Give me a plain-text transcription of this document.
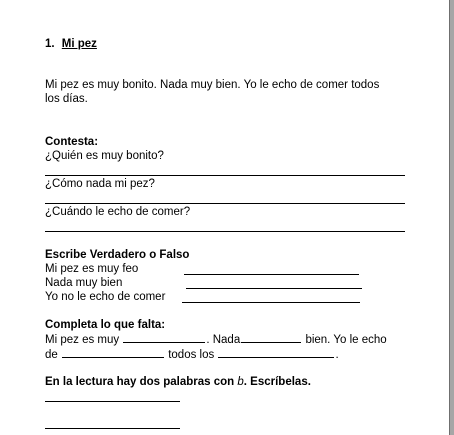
1. Mi pez
Mi pez es muy bonito. Nada muy bien. Yo le echo de comer todos
los días.
Contesta:
¿Quién es muy bonito?
¿Cómo nada mi pez?
¿Cuándo le echo de comer?
Escribe Verdadero o Falso
Mi pez es muy feo
Nada muy bien
Yo no le echo de comer
Completa lo que falta:
Mi pez es muy	. Nada	bien. Yo le echo
de	todos los	.
En la lectura hay dos palabras con b. Escríbelas.
